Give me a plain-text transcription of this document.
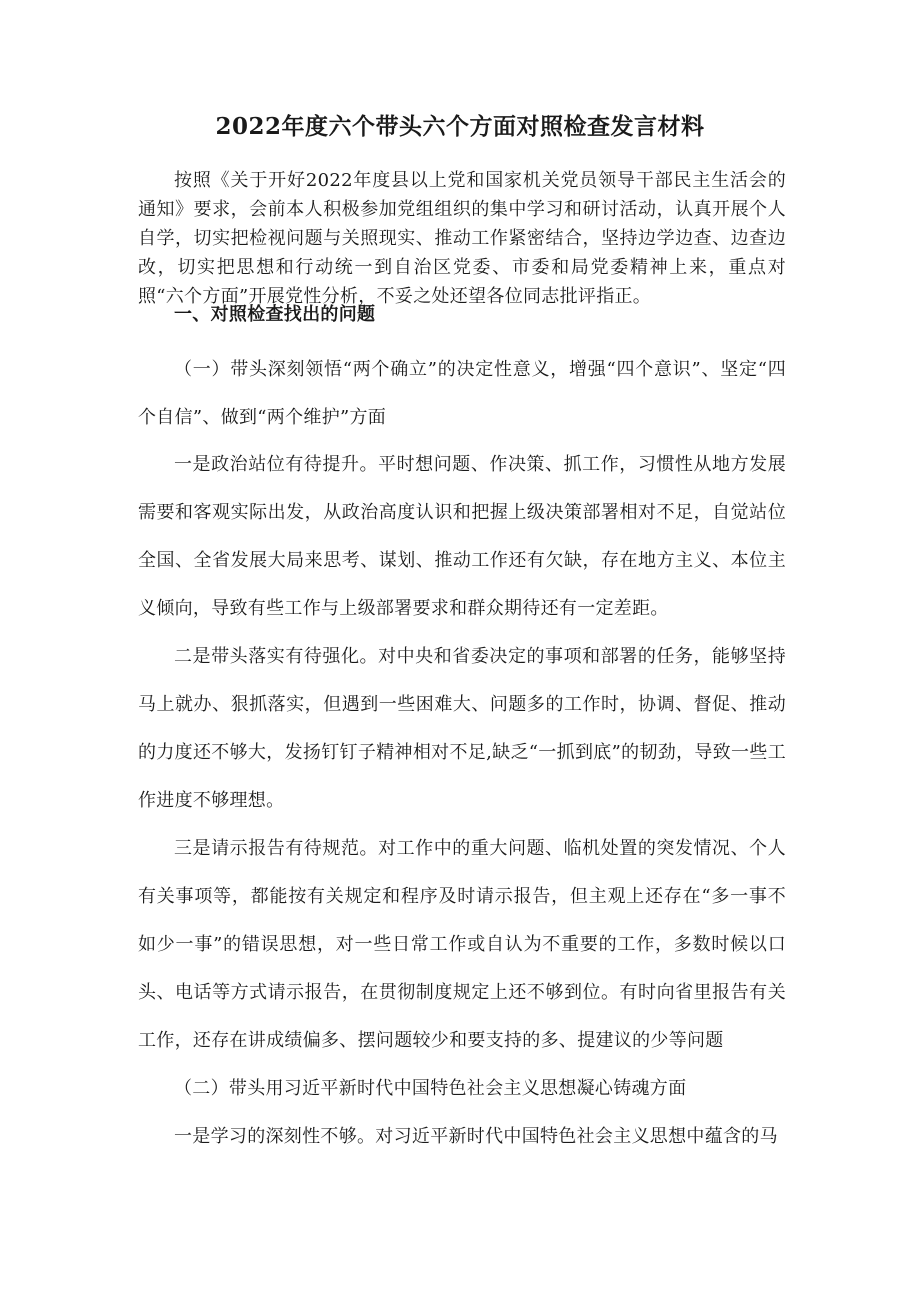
2022年度六个带头六个方面对照检查发言材料

按照《关于开好2022年度县以上党和国家机关党员领导干部民主生活会的通知》要求，会前本人积极参加党组组织的集中学习和研讨活动，认真开展个人自学，切实把检视问题与关照现实、推动工作紧密结合，坚持边学边查、边查边改，切实把思想和行动统一到自治区党委、市委和局党委精神上来，重点对照“六个方面”开展党性分析，不妥之处还望各位同志批评指正。

一、对照检查找出的问题

（一）带头深刻领悟“两个确立”的决定性意义，增强“四个意识”、坚定“四个自信”、做到“两个维护”方面

一是政治站位有待提升。平时想问题、作决策、抓工作，习惯性从地方发展需要和客观实际出发，从政治高度认识和把握上级决策部署相对不足，自觉站位全国、全省发展大局来思考、谋划、推动工作还有欠缺，存在地方主义、本位主义倾向，导致有些工作与上级部署要求和群众期待还有一定差距。

二是带头落实有待强化。对中央和省委决定的事项和部署的任务，能够坚持马上就办、狠抓落实，但遇到一些困难大、问题多的工作时，协调、督促、推动的力度还不够大，发扬钉钉子精神相对不足,缺乏“一抓到底”的韧劲，导致一些工作进度不够理想。

三是请示报告有待规范。对工作中的重大问题、临机处置的突发情况、个人有关事项等，都能按有关规定和程序及时请示报告，但主观上还存在“多一事不如少一事”的错误思想，对一些日常工作或自认为不重要的工作，多数时候以口头、电话等方式请示报告，在贯彻制度规定上还不够到位。有时向省里报告有关工作，还存在讲成绩偏多、摆问题较少和要支持的多、提建议的少等问题

（二）带头用习近平新时代中国特色社会主义思想凝心铸魂方面

一是学习的深刻性不够。对习近平新时代中国特色社会主义思想中蕴含的马
